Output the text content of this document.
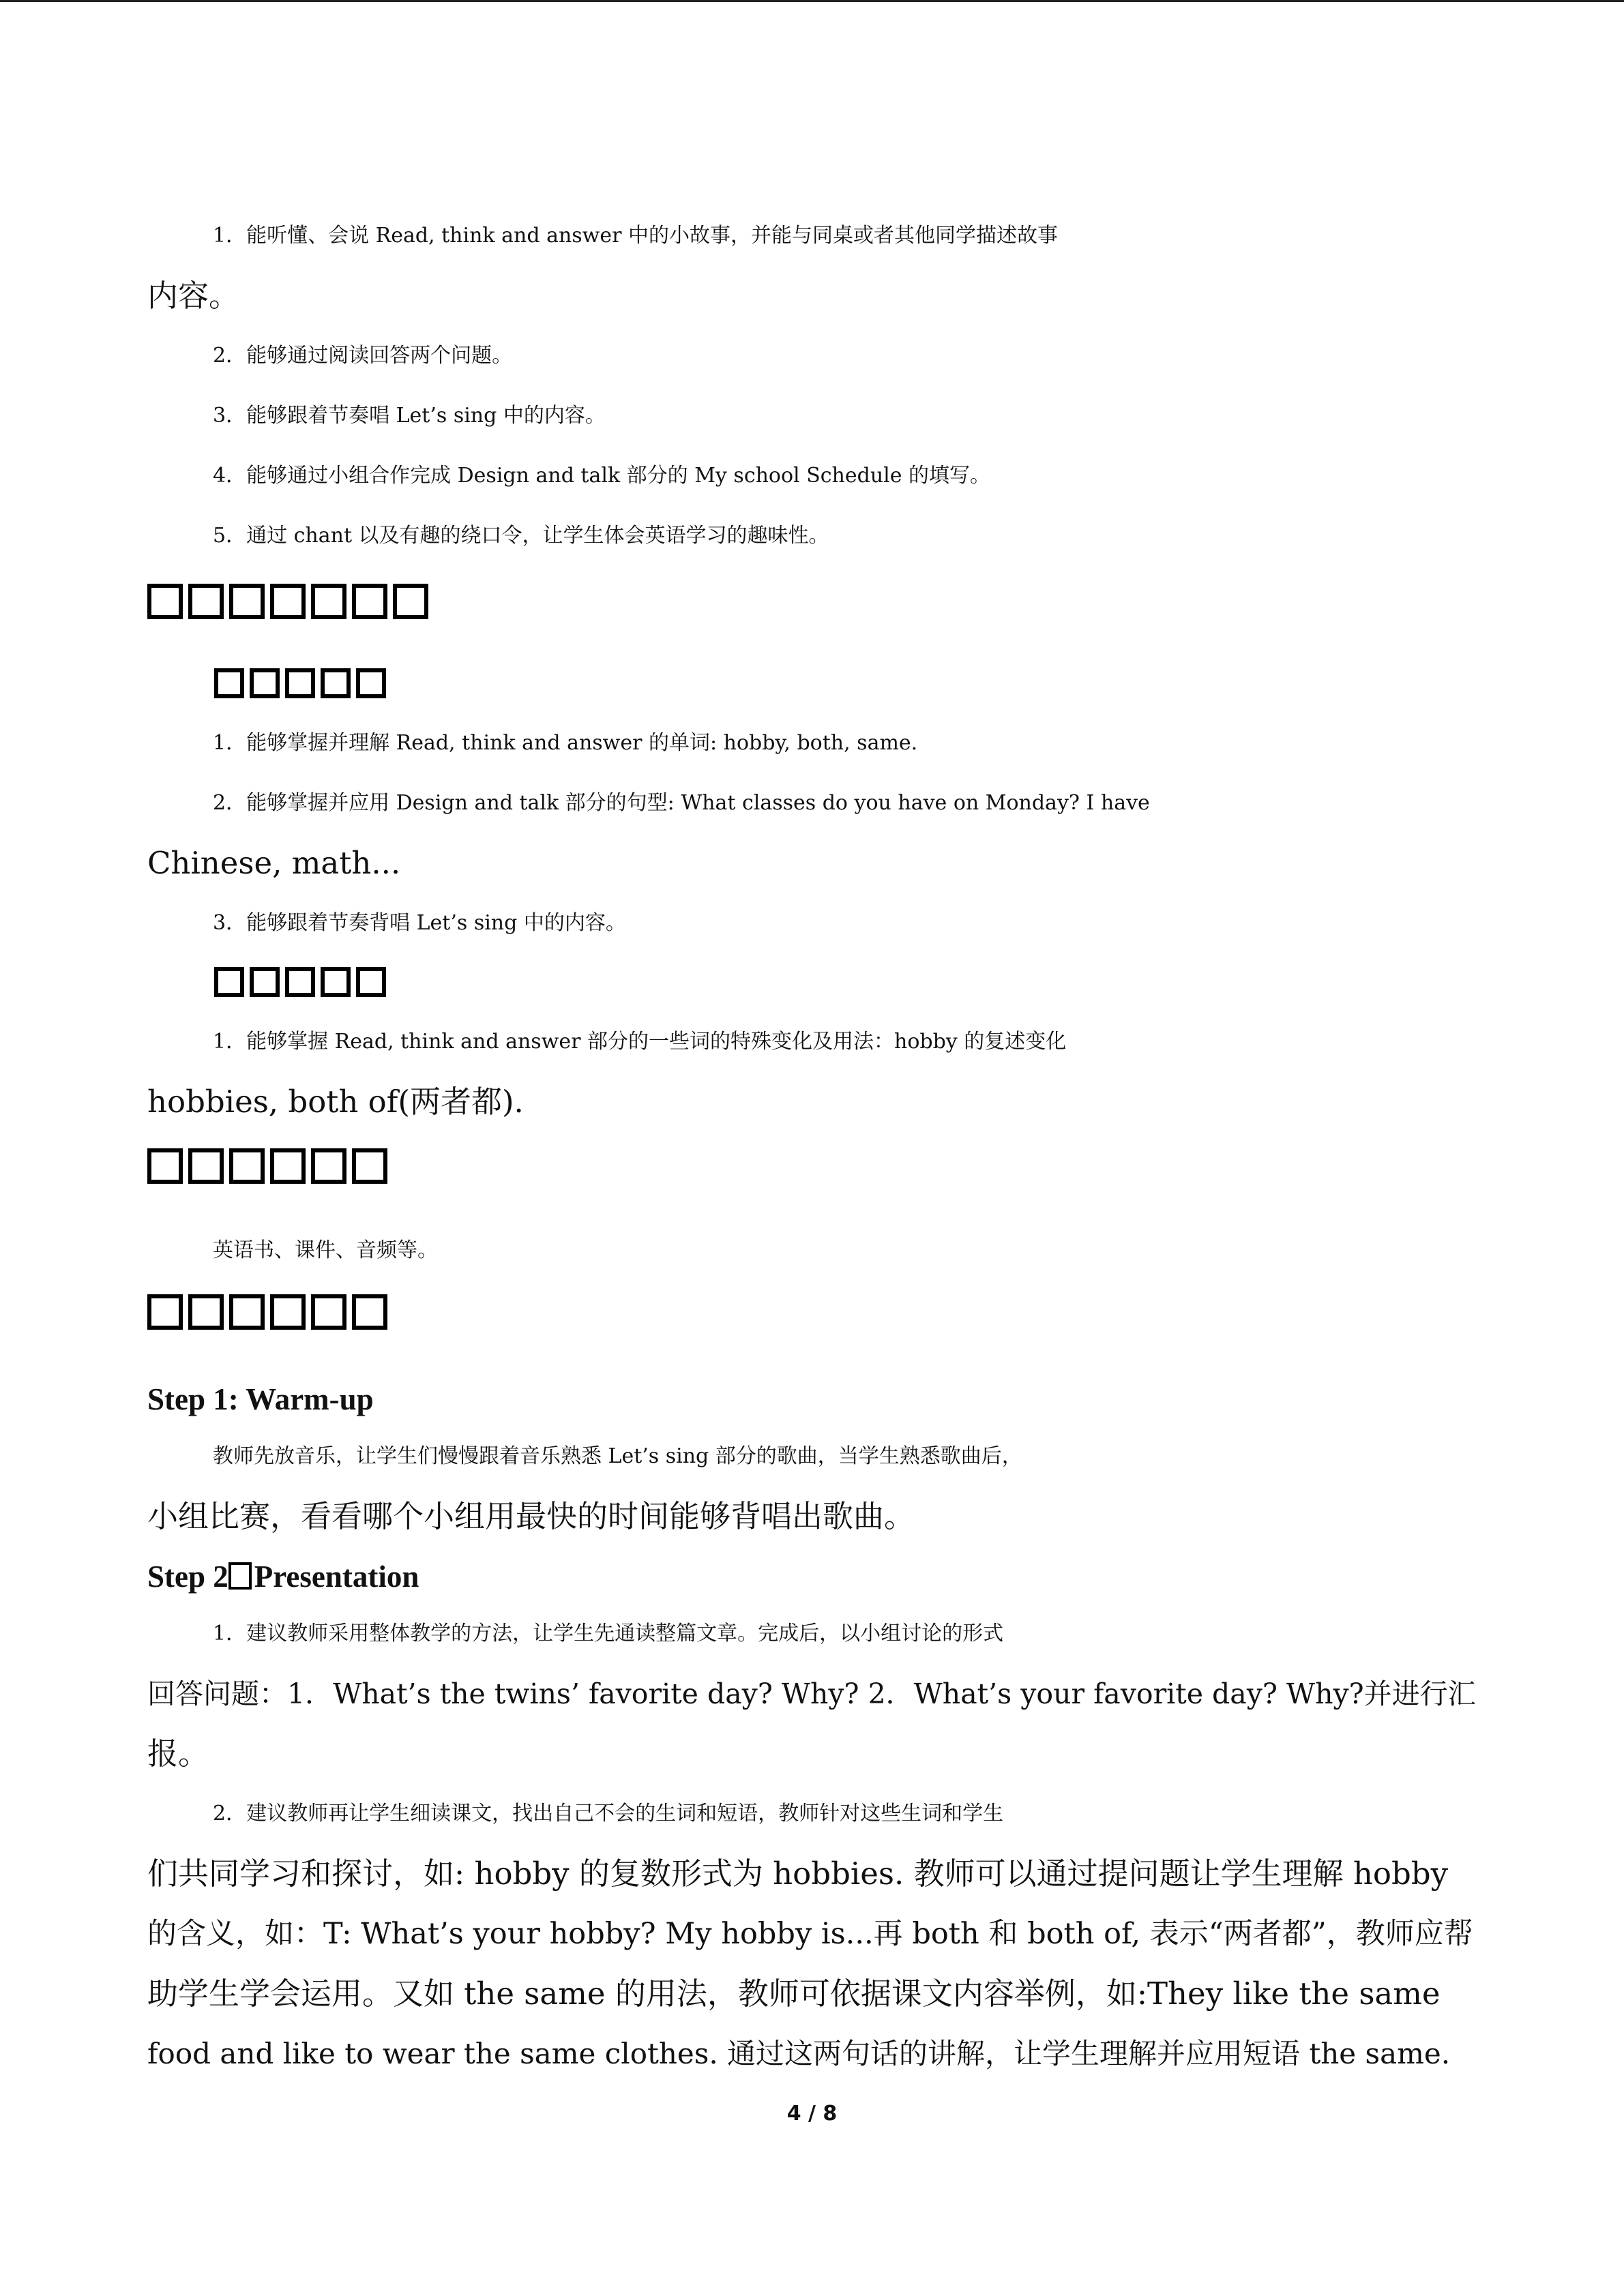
1．能听懂、会说 Read, think and answer 中的小故事，并能与同桌或者其他同学描述故事

内容。

2．能够通过阅读回答两个问题。

3．能够跟着节奏唱 Let’s sing 中的内容。

4．能够通过小组合作完成 Design and talk 部分的 My school Schedule 的填写。

5．通过 chant 以及有趣的绕口令，让学生体会英语学习的趣味性。

1．能够掌握并理解 Read, think and answer 的单词: hobby, both, same.

2．能够掌握并应用 Design and talk 部分的句型: What classes do you have on Monday? I have

Chinese, math...

3．能够跟着节奏背唱 Let’s sing 中的内容。

1．能够掌握 Read, think and answer 部分的一些词的特殊变化及用法：hobby 的复述变化

hobbies, both of(两者都).

英语书、课件、音频等。

Step 1: Warm-up

教师先放音乐，让学生们慢慢跟着音乐熟悉 Let’s sing 部分的歌曲，当学生熟悉歌曲后，

小组比赛，看看哪个小组用最快的时间能够背唱出歌曲。

Step 2 Presentation

1．建议教师采用整体教学的方法，让学生先通读整篇文章。完成后，以小组讨论的形式

回答问题：1．What’s the twins’ favorite day? Why? 2．What’s your favorite day? Why?并进行汇

报。

2．建议教师再让学生细读课文，找出自己不会的生词和短语，教师针对这些生词和学生

们共同学习和探讨，如: hobby 的复数形式为 hobbies. 教师可以通过提问题让学生理解 hobby

的含义，如：T: What’s your hobby? My hobby is...再 both 和 both of, 表示“两者都”，教师应帮

助学生学会运用。又如 the same 的用法，教师可依据课文内容举例，如:They like the same

food and like to wear the same clothes. 通过这两句话的讲解，让学生理解并应用短语 the same.

4 / 8
